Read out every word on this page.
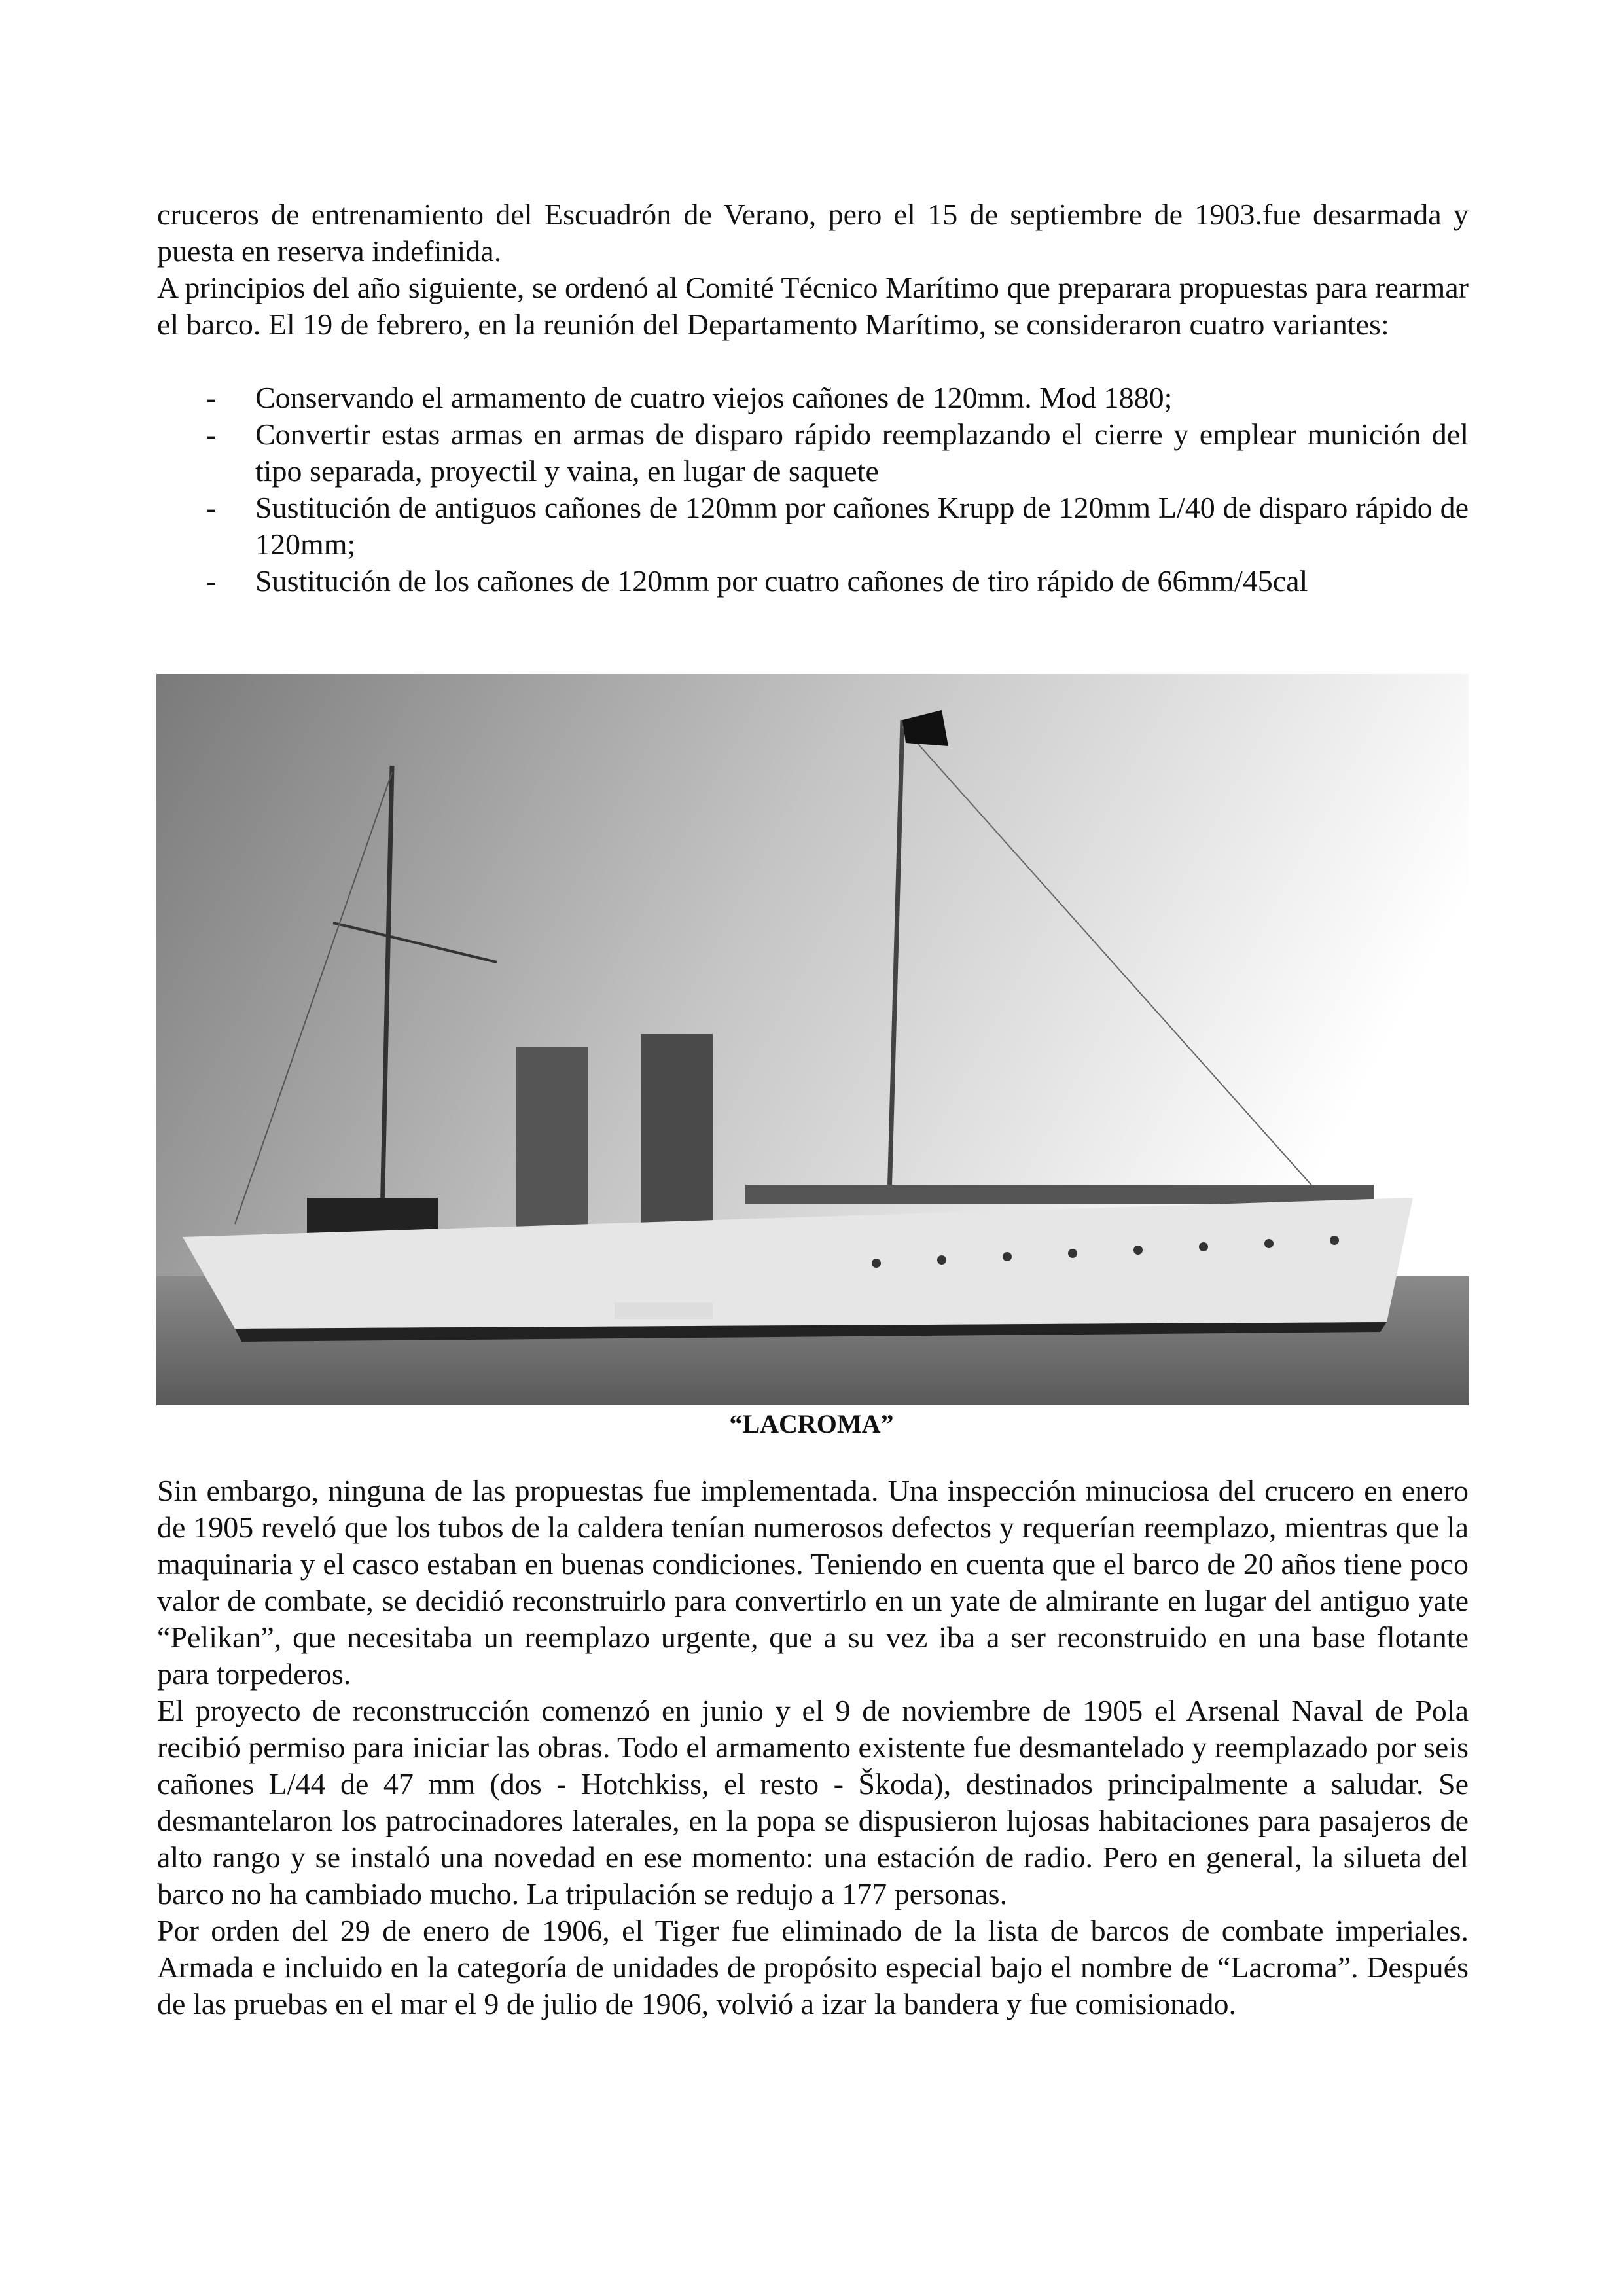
cruceros de entrenamiento del Escuadrón de Verano, pero el 15 de septiembre de 1903.fue desarmada y puesta en reserva indefinida.

A principios del año siguiente, se ordenó al Comité Técnico Marítimo que preparara propuestas para rearmar el barco. El 19 de febrero, en la reunión del Departamento Marítimo, se consideraron cuatro variantes:

- Conservando el armamento de cuatro viejos cañones de 120mm. Mod 1880;
- Convertir estas armas en armas de disparo rápido reemplazando el cierre y emplear munición del tipo separada, proyectil y vaina, en lugar de saquete
- Sustitución de antiguos cañones de 120mm por cañones Krupp de 120mm L/40 de disparo rápido de 120mm;
- Sustitución de los cañones de 120mm por cuatro cañones de tiro rápido de 66mm/45cal
“LACROMA”

Sin embargo, ninguna de las propuestas fue implementada. Una inspección minuciosa del crucero en enero de 1905 reveló que los tubos de la caldera tenían numerosos defectos y requerían reemplazo, mientras que la maquinaria y el casco estaban en buenas condiciones. Teniendo en cuenta que el barco de 20 años tiene poco valor de combate, se decidió reconstruirlo para convertirlo en un yate de almirante en lugar del antiguo yate “Pelikan”, que necesitaba un reemplazo urgente, que a su vez iba a ser reconstruido en una base flotante para torpederos.

El proyecto de reconstrucción comenzó en junio y el 9 de noviembre de 1905 el Arsenal Naval de Pola recibió permiso para iniciar las obras. Todo el armamento existente fue desmantelado y reemplazado por seis cañones L/44 de 47 mm (dos - Hotchkiss, el resto - Škoda), destinados principalmente a saludar. Se desmantelaron los patrocinadores laterales, en la popa se dispusieron lujosas habitaciones para pasajeros de alto rango y se instaló una novedad en ese momento: una estación de radio. Pero en general, la silueta del barco no ha cambiado mucho. La tripulación se redujo a 177 personas.

Por orden del 29 de enero de 1906, el Tiger fue eliminado de la lista de barcos de combate imperiales. Armada e incluido en la categoría de unidades de propósito especial bajo el nombre de “Lacroma”. Después de las pruebas en el mar el 9 de julio de 1906, volvió a izar la bandera y fue comisionado.
